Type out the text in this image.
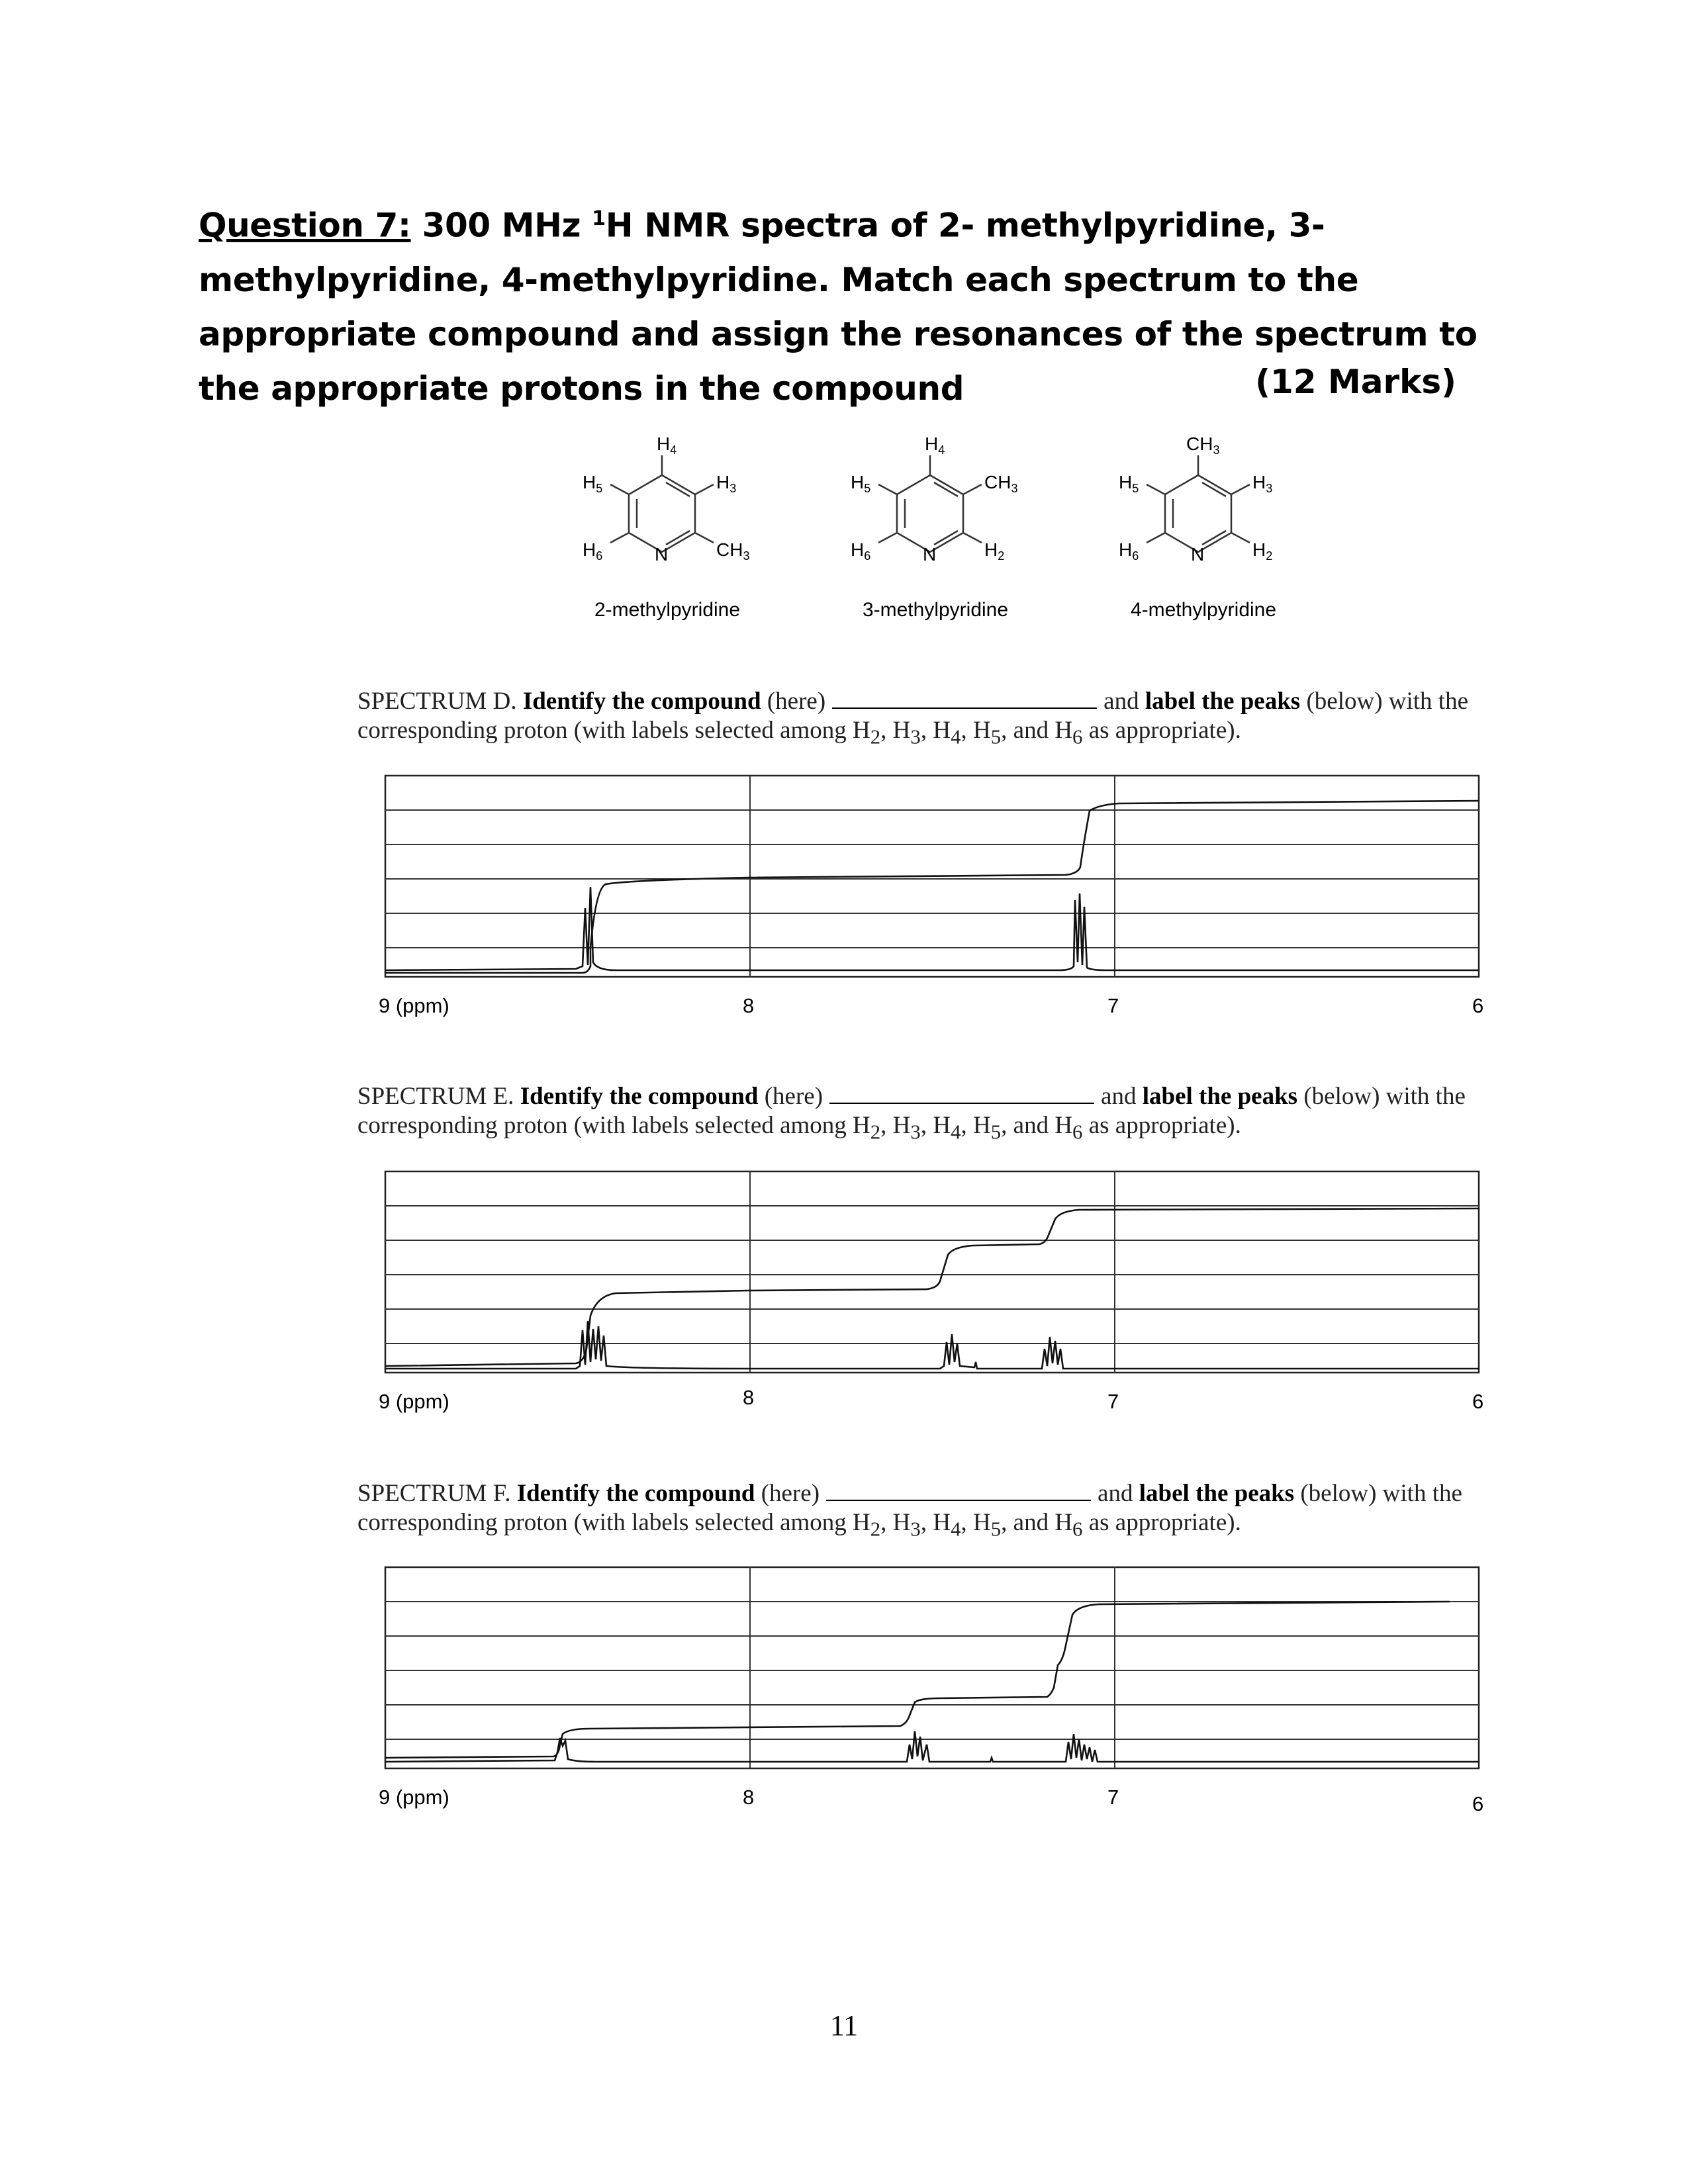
Question 7: 300 MHz $^1$H NMR spectra of 2- methylpyridine, 3- methylpyridine, 4-methylpyridine. Match each spectrum to the appropriate compound and assign the resonances of the spectrum to the appropriate protons in the compound	(12 Marks)
$H_4$
$H_5$	$H_3$
$H_6$	N	$CH_3$
$H_4$
$H_5$	$CH_3$
$H_6$	N	$H_2$
$CH_3$
$H_5$	$H_3$
$H_6$	N	$H_2$
2-methylpyridine	3-methylpyridine	4-methylpyridine
SPECTRUM D. Identify the compound (here)	and label the peaks (below) with the
corresponding proton (with labels selected among $H_2$, $H_3$, $H_4$, $H_5$, and $H_6$ as appropriate).
9 (ppm)	8	7	6
SPECTRUM E. Identify the compound (here)	and label the peaks (below) with the
corresponding proton (with labels selected among $H_2$, $H_3$, $H_4$, $H_5$, and $H_6$ as appropriate).
9 (ppm)	8	7	6
SPECTRUM F. Identify the compound (here)	and label the peaks (below) with the
corresponding proton (with labels selected among $H_2$, $H_3$, $H_4$, $H_5$, and $H_6$ as appropriate).
9 (ppm)	8	7	6
11
